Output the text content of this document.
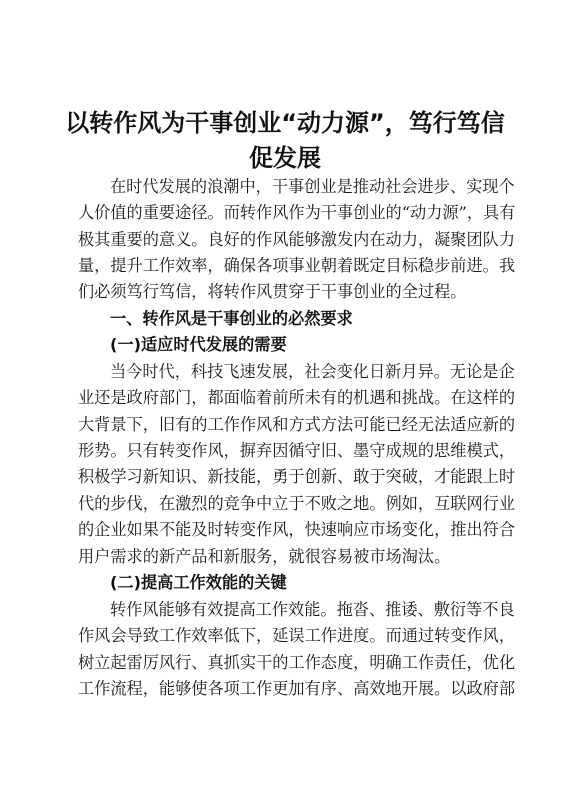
以转作风为干事创业“动力源”，笃行笃信
促发展

在时代发展的浪潮中，干事创业是推动社会进步、实现个

人价值的重要途径。而转作风作为干事创业的“动力源”，具有

极其重要的意义。良好的作风能够激发内在动力，凝聚团队力

量，提升工作效率，确保各项事业朝着既定目标稳步前进。我

们必须笃行笃信，将转作风贯穿于干事创业的全过程。

一、转作风是干事创业的必然要求
(一)适应时代发展的需要

当今时代，科技飞速发展，社会变化日新月异。无论是企

业还是政府部门，都面临着前所未有的机遇和挑战。在这样的

大背景下，旧有的工作作风和方式方法可能已经无法适应新的

形势。只有转变作风，摒弃因循守旧、墨守成规的思维模式，

积极学习新知识、新技能，勇于创新、敢于突破，才能跟上时

代的步伐，在激烈的竞争中立于不败之地。例如，互联网行业

的企业如果不能及时转变作风，快速响应市场变化，推出符合

用户需求的新产品和新服务，就很容易被市场淘汰。

(二)提高工作效能的关键

转作风能够有效提高工作效能。拖沓、推诿、敷衍等不良

作风会导致工作效率低下，延误工作进度。而通过转变作风，

树立起雷厉风行、真抓实干的工作态度，明确工作责任，优化

工作流程，能够使各项工作更加有序、高效地开展。以政府部
